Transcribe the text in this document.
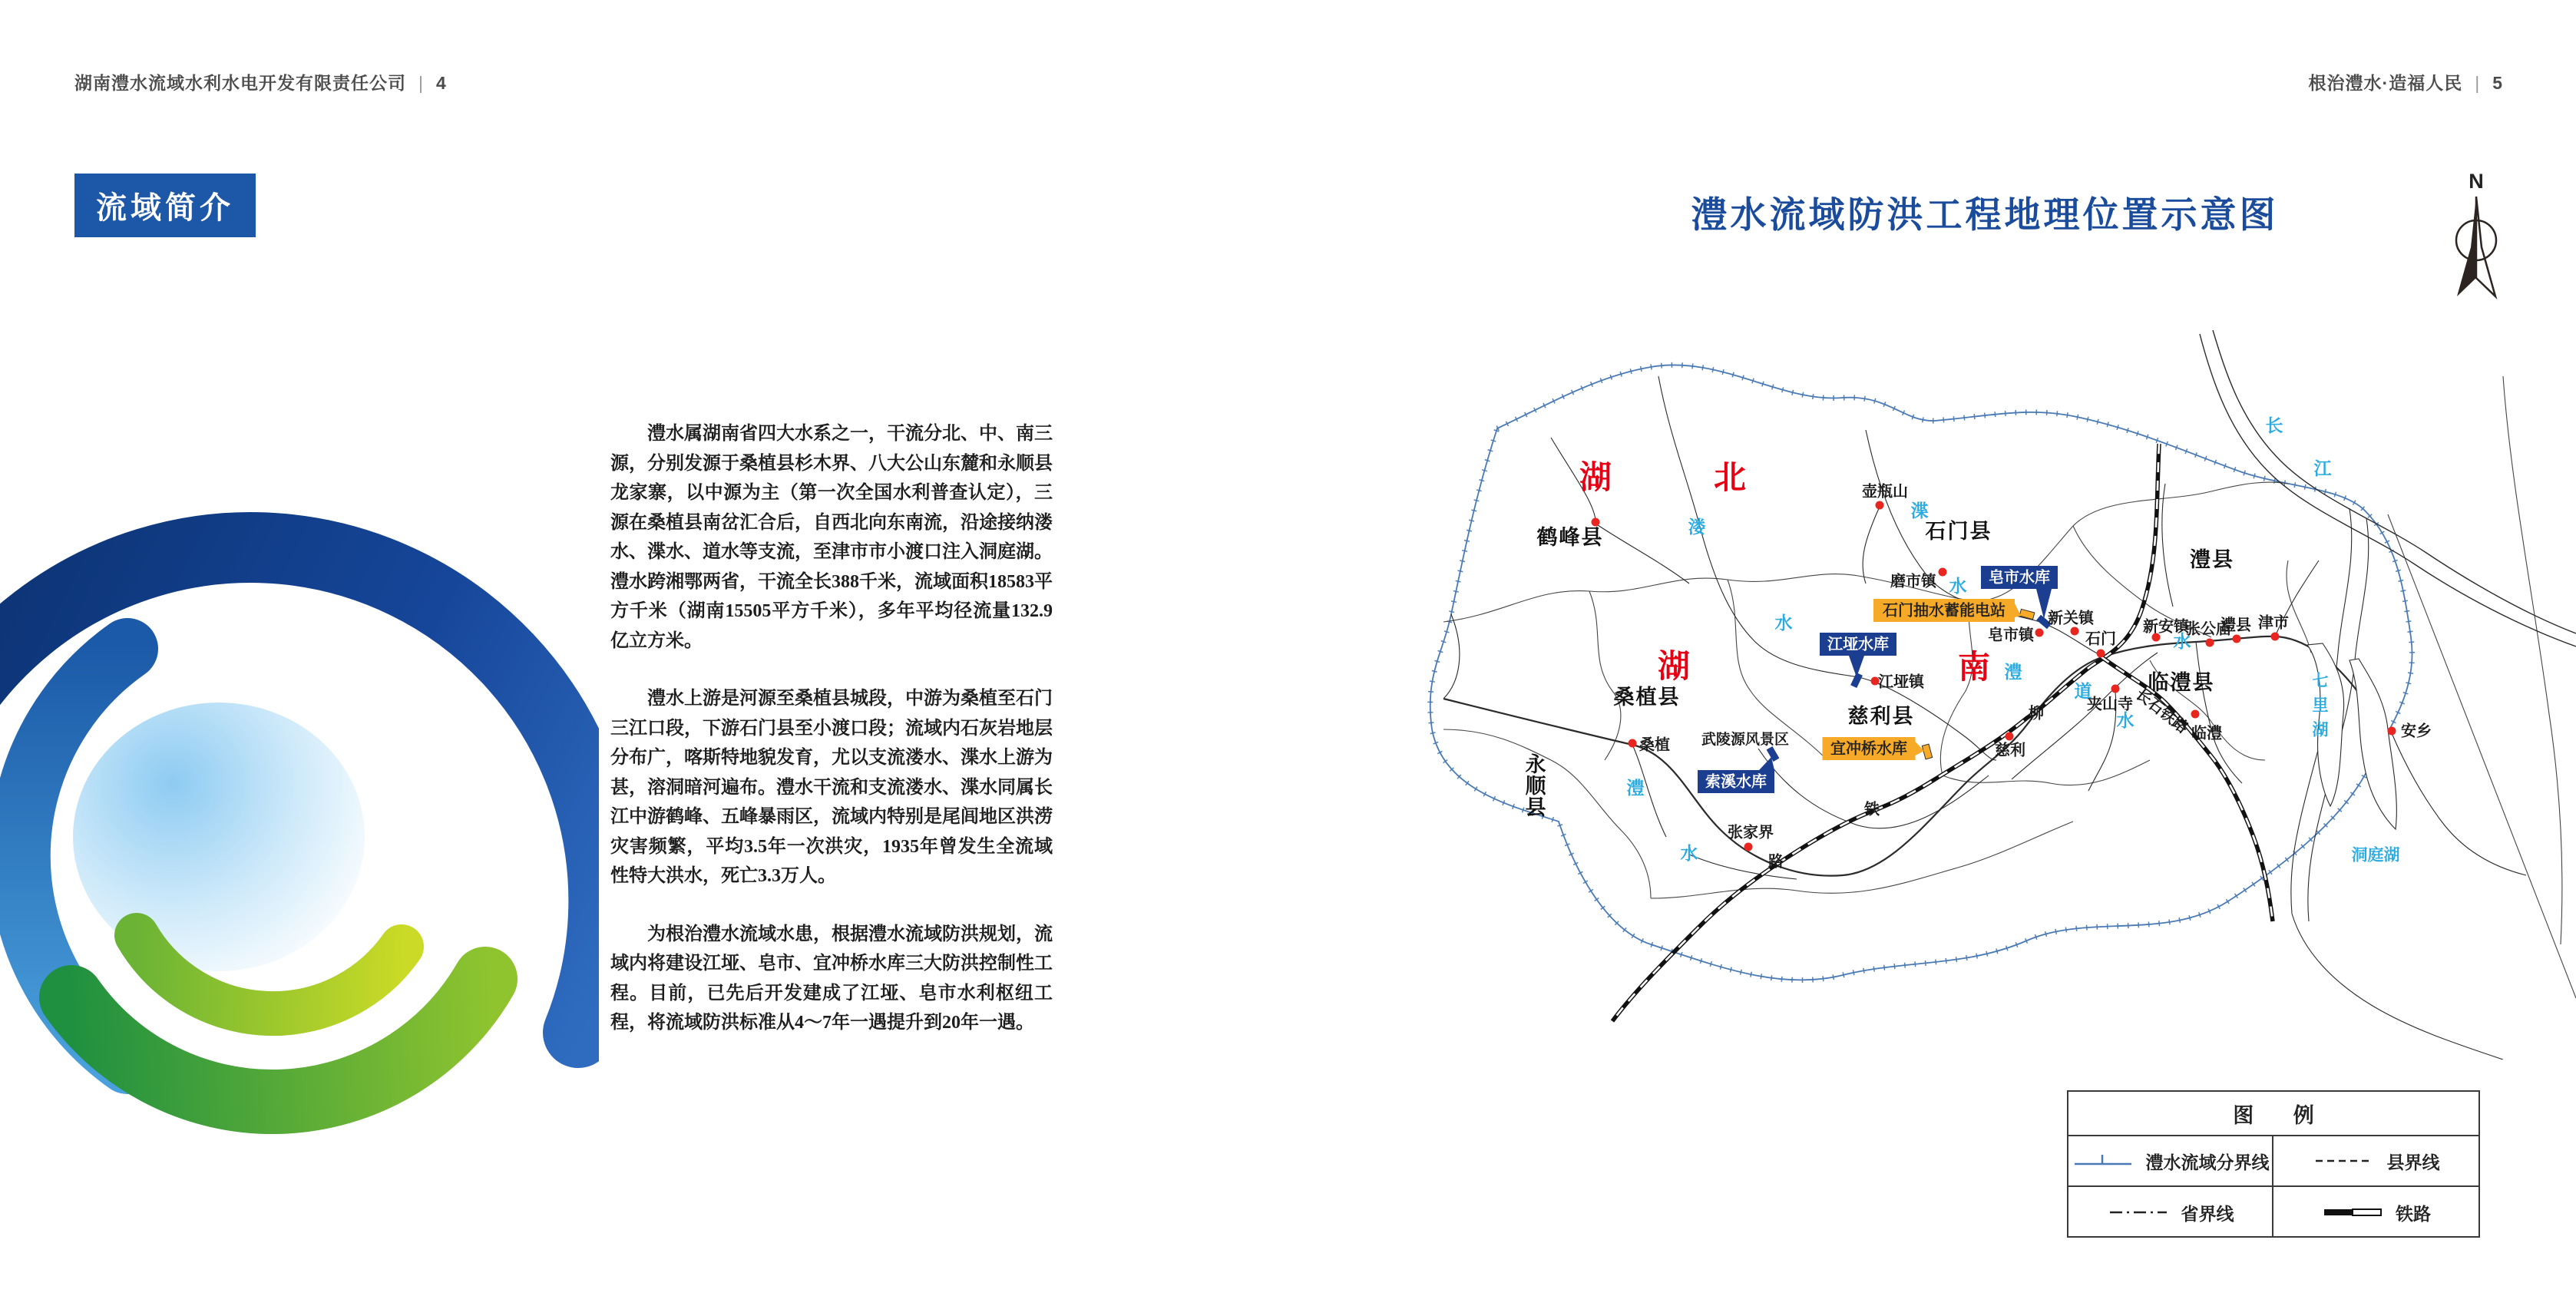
湖南澧水流域水利水电开发有限责任公司 | 4	根治澧水·造福人民 | 5
流域简介

澧水属湖南省四大水系之一，干流分北、中、南三源，分别发源于桑植县杉木界、八大公山东麓和永顺县龙家寨，以中源为主（第一次全国水利普查认定），三源在桑植县南岔汇合后，自西北向东南流，沿途接纳溇水、渫水、道水等支流，至津市市小渡口注入洞庭湖。澧水跨湘鄂两省，干流全长388千米，流域面积18583平方千米（湖南15505平方千米），多年平均径流量132.9亿立方米。

澧水上游是河源至桑植县城段，中游为桑植至石门三江口段，下游石门县至小渡口段；流域内石灰岩地层分布广，喀斯特地貌发育，尤以支流溇水、渫水上游为甚，溶洞暗河遍布。澧水干流和支流溇水、渫水同属长江中游鹤峰、五峰暴雨区，流域内特别是尾闾地区洪涝灾害频繁，平均3.5年一次洪灾，1935年曾发生全流域性特大洪水，死亡3.3万人。

为根治澧水流域水患，根据澧水流域防洪规划，流域内将建设江垭、皂市、宜冲桥水库三大防洪控制性工程。目前，已先后开发建成了江垭、皂市水利枢纽工程，将流域防洪标准从4～7年一遇提升到20年一遇。

澧水流域防洪工程地理位置示意图
N
湖	北
湖	南
鹤峰县	石门县
澧县
桑植县
慈利县
临澧县
永
顺
县
溇
水
渫
水
长
江
澧
水
道
水
澧
水
七
里
湖
洞庭湖
武陵源风景区
柳
铁
路
长石铁路
壶瓶山
磨市镇
皂市镇
新关镇
石门
新安镇
张公庙
澧县 津市
夹山寺
临澧	安乡
慈利
桑植
张家界
江垭镇
皂市水库
石门抽水蓄能电站
江垭水库
宜冲桥水库
索溪水库
图 例
澧水流域分界线	县界线
省界线	铁路
